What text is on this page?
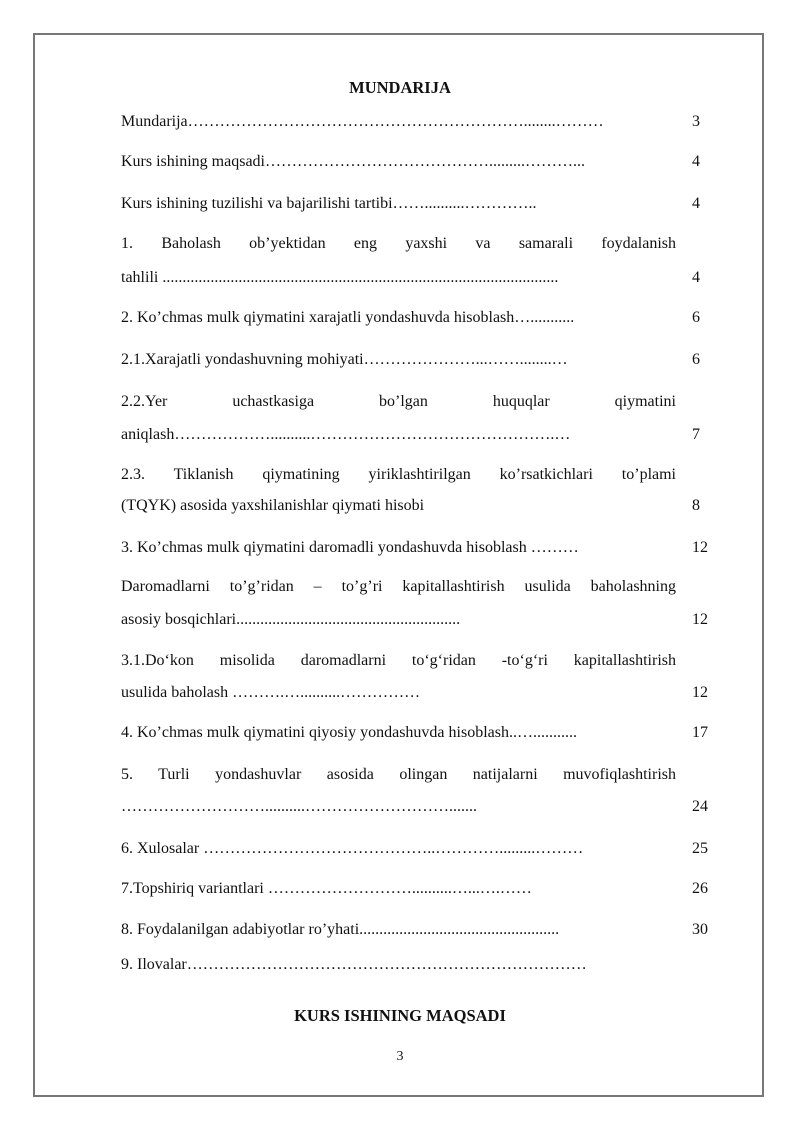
MUNDARIJA
Mundarija………………………………………………………........………	3
Kurs ishining maqsadi…………………………………….........………...	4
Kurs ishining tuzilishi va bajarilishi tartibi……..........…………..	4
1. Baholash ob’yektidan eng yaxshi va samarali foydalanish
tahlili ...................................................................................................	4
2. Ko’chmas mulk qiymatini xarajatli yondashuvda hisoblash…...........	6
2.1.Xarajatli yondashuvning mohiyati…………………...……........…	6
2.2.Yer uchastkasiga bo’lgan huquqlar qiymatini
aniqlash………………..........……………………………………….…	7
2.3. Tiklanish qiymatining yiriklashtirilgan ko’rsatkichlari to’plami
(TQYK) asosida yaxshilanishlar qiymati hisobi	8
3. Ko’chmas mulk qiymatini daromadli yondashuvda hisoblash ………	12
Daromadlarni to’g’ridan – to’g’ri kapitallashtirish usulida baholashning
asosiy bosqichlari........................................................	12
3.1.Do‘kon misolida daromadlarni to‘g‘ridan -to‘g‘ri kapitallashtirish
usulida baholash ……….…..........……………	12
4. Ko’chmas mulk qiymatini qiyosiy yondashuvda hisoblash..…...........	17
5. Turli yondashuvlar asosida olingan natijalarni muvofiqlashtirish
………………………..........……………………….......	24
6. Xulosalar ……………………………………..………….........………	25
7.Topshiriq variantlari ………………………..........…...….……	26
8. Foydalanilgan adabiyotlar ro’yhati..................................................	30
9. Ilovalar…………………………………………………………………
KURS ISHINING MAQSADI
3
